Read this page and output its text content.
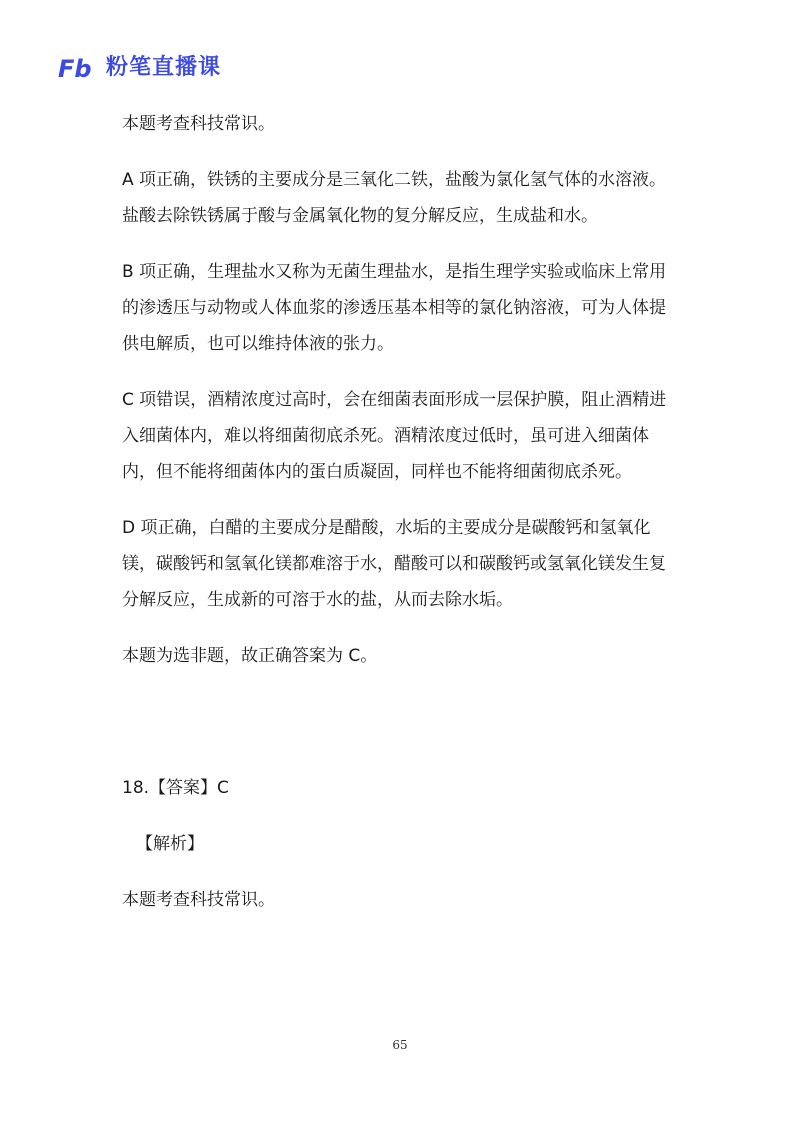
Fb 粉笔直播课

本题考查科技常识。

A 项正确，铁锈的主要成分是三氧化二铁，盐酸为氯化氢气体的水溶液。盐酸去除铁锈属于酸与金属氧化物的复分解反应，生成盐和水。

B 项正确，生理盐水又称为无菌生理盐水，是指生理学实验或临床上常用的渗透压与动物或人体血浆的渗透压基本相等的氯化钠溶液，可为人体提供电解质，也可以维持体液的张力。

C 项错误，酒精浓度过高时，会在细菌表面形成一层保护膜，阻止酒精进入细菌体内，难以将细菌彻底杀死。酒精浓度过低时，虽可进入细菌体内，但不能将细菌体内的蛋白质凝固，同样也不能将细菌彻底杀死。

D 项正确，白醋的主要成分是醋酸，水垢的主要成分是碳酸钙和氢氧化镁，碳酸钙和氢氧化镁都难溶于水，醋酸可以和碳酸钙或氢氧化镁发生复分解反应，生成新的可溶于水的盐，从而去除水垢。

本题为选非题，故正确答案为 C。

18.【答案】C

【解析】

本题考查科技常识。

65
